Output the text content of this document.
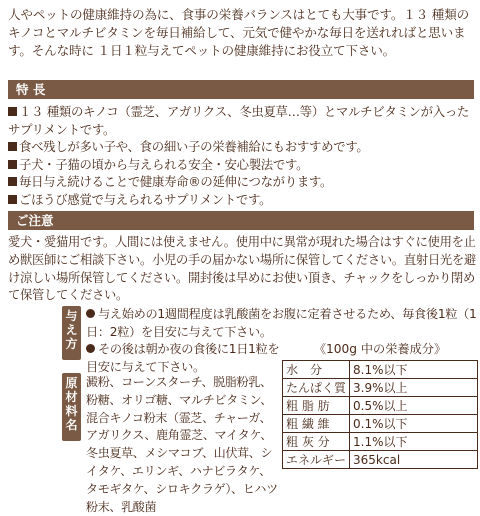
人やペットの健康維持の為に、食事の栄養バランスはとても大事です。１３ 種類のキノコとマルチビタミンを毎日補給して、元気で健やかな毎日を送れればと思います。そんな時に １日１粒与えてペットの健康維持にお役立て下さい。
特 長
１３ 種類のキノコ（霊芝、アガリクス、冬虫夏草…等）とマルチビタミンが入ったサプリメントです。
食べ残しが多い子や、食の細い子の栄養補給にもおすすめです。
子犬・子猫の頃から与えられる安全・安心製法です。
毎日与え続けることで健康寿命®の延伸につながります。
ごほうび感覚で与えられるサプリメントです。
ご注意
愛犬・愛猫用です。人間には使えません。使用中に異常が現れた場合はすぐに使用を止め獣医師にご相談下さい。小児の手の届かない場所に保管してください。直射日光を避け涼しい場所保管してください。開封後は早めにお使い頂き、チャックをしっかり閉めて保管してください。
与
え
方
与え始めの1週間程度は乳酸菌をお腹に定着させるため、毎食後1粒（1日：2粒）を目安に与えて下さい。
その後は朝か夜の食後に1日1粒を目安に与えて下さい。
原
材
料
名
澱粉、コーンスターチ、脱脂粉乳、粉糖、オリゴ糖、マルチビタミン、混合キノコ粉末（霊芝、チャーガ、アガリクス、鹿角霊芝、マイタケ、冬虫夏草、メシマコブ、山伏茸、シイタケ、エリンギ、ハナビラタケ、タモギタケ、シロキクラゲ）、ヒハツ粉末、乳酸菌
《100g 中の栄養成分》
水　分	8.1%以下
たんぱく質	3.9%以上
粗 脂 肪	0.5%以上
粗 繊 維	0.1%以下
粗 灰 分	1.1%以下
エネルギー	365kcal
